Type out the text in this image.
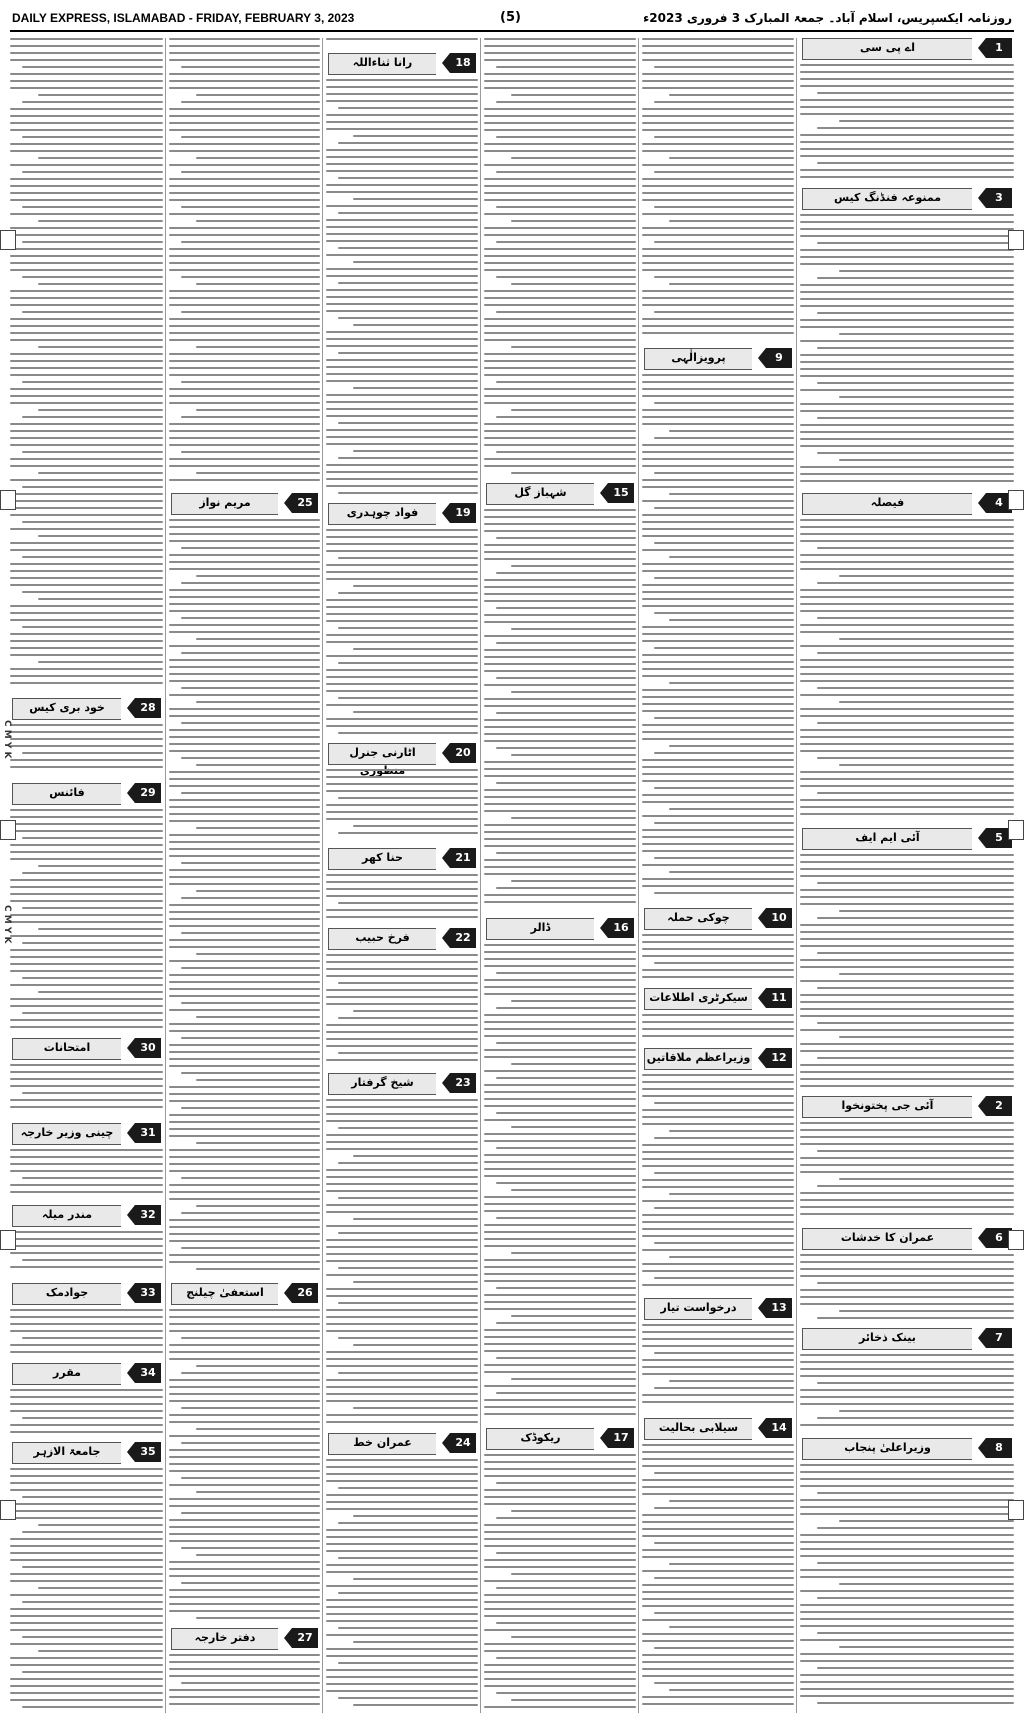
DAILY EXPRESS, ISLAMABAD - FRIDAY, FEBRUARY 3, 2023	(5)	روزنامہ ایکسپریس، اسلام آباد۔ جمعۃ المبارک 3 فروری 2023ء
اے پی سی	1
ممنوعہ فنڈنگ کیس	3
فیصلہ	4
آئی ایم ایف	5
آئی جی پختونخوا	2
عمران کا خدشات	6
بینک ذخائر	7
وزیراعلیٰ پنجاب	8
پرویزالٰہی	9
چوکی حملہ	10
سیکرٹری اطلاعات	11
وزیراعظم ملاقاتیں	12
درخواست تیار	13
سیلابی بحالیت	14
شہباز گل	15
ڈالر	16
ریکوڈک	17
رانا ثناءاللہ	18
فواد چوہدری	19
اٹارنی جنرل	20
حنا کھر	21
فرخ حبیب	22
شیخ گرفتار	23
عمران خط	24
مریم نواز	25
استعفیٰ چیلنج	26
دفتر خارجہ	27
خود بری کیس	28
فائنس	29
امتحانات	30
چینی وزیر خارجہ	31
مندر میلہ	32
جوادمک	33
مقرر	34
جامعۃ الازہر	35
C M Y K
C M Y K
